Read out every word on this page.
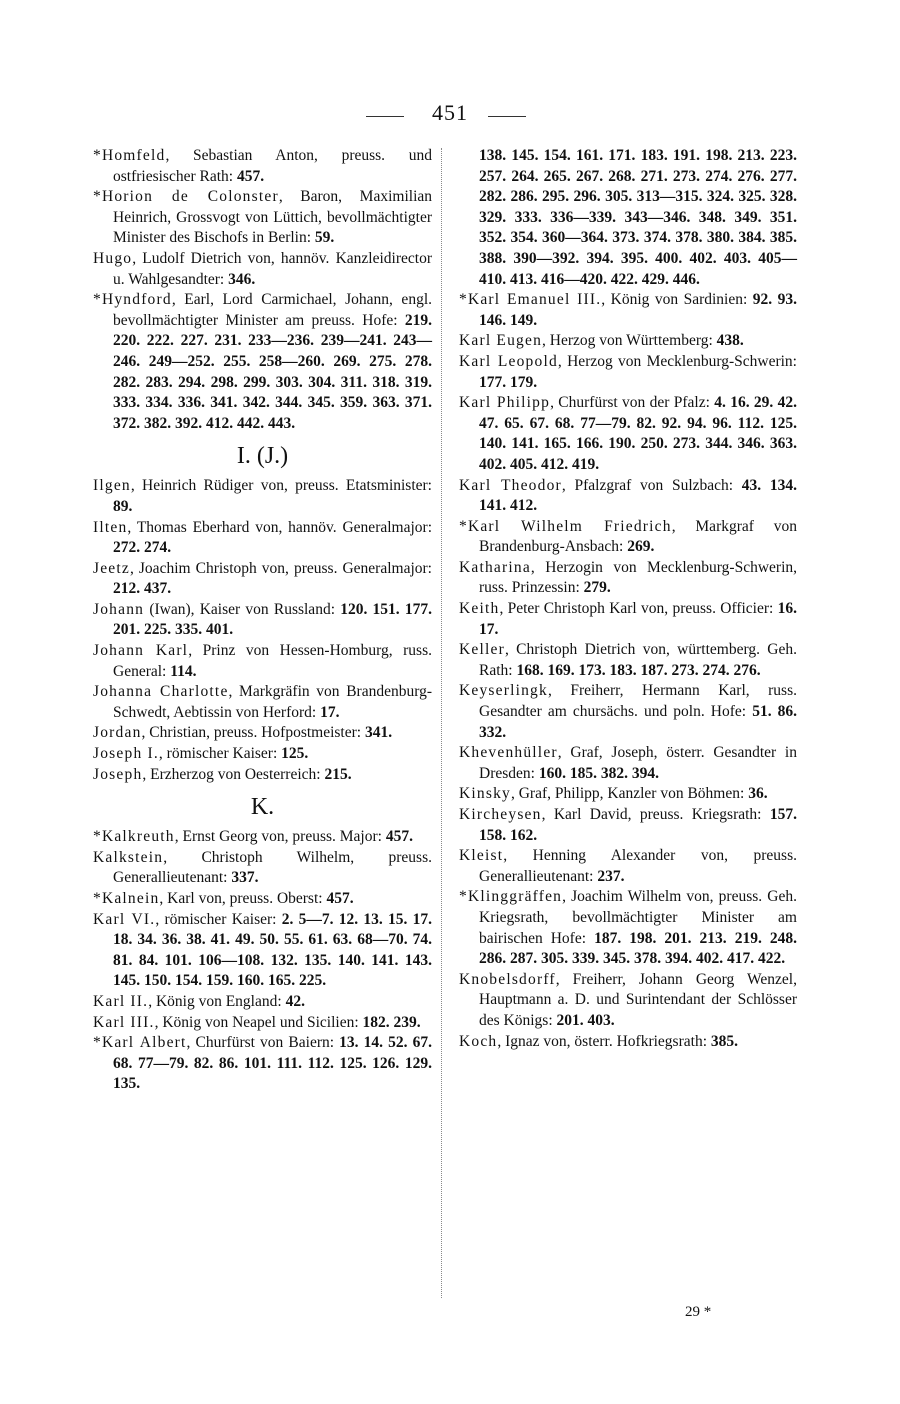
451

*Homfeld, Sebastian Anton, preuss. und ostfriesischer Rath: 457.

*Horion de Colonster, Baron, Maximilian Heinrich, Grossvogt von Lüttich, bevollmächtigter Minister des Bischofs in Berlin: 59.

Hugo, Ludolf Dietrich von, hannöv. Kanzleidirector u. Wahlgesandter: 346.

*Hyndford, Earl, Lord Carmichael, Johann, engl. bevollmächtigter Minister am preuss. Hofe: 219. 220. 222. 227. 231. 233—236. 239—241. 243—246. 249—252. 255. 258—260. 269. 275. 278. 282. 283. 294. 298. 299. 303. 304. 311. 318. 319. 333. 334. 336. 341. 342. 344. 345. 359. 363. 371. 372. 382. 392. 412. 442. 443.

I. (J.)

Ilgen, Heinrich Rüdiger von, preuss. Etatsminister: 89.

Ilten, Thomas Eberhard von, hannöv. Generalmajor: 272. 274.

Jeetz, Joachim Christoph von, preuss. Generalmajor: 212. 437.

Johann (Iwan), Kaiser von Russland: 120. 151. 177. 201. 225. 335. 401.

Johann Karl, Prinz von Hessen-Homburg, russ. General: 114.

Johanna Charlotte, Markgräfin von Brandenburg-Schwedt, Aebtissin von Herford: 17.

Jordan, Christian, preuss. Hofpostmeister: 341.

Joseph I., römischer Kaiser: 125.

Joseph, Erzherzog von Oesterreich: 215.

K.

*Kalkreuth, Ernst Georg von, preuss. Major: 457.

Kalkstein, Christoph Wilhelm, preuss. Generallieutenant: 337.

*Kalnein, Karl von, preuss. Oberst: 457.

Karl VI., römischer Kaiser: 2. 5—7. 12. 13. 15. 17. 18. 34. 36. 38. 41. 49. 50. 55. 61. 63. 68—70. 74. 81. 84. 101. 106—108. 132. 135. 140. 141. 143. 145. 150. 154. 159. 160. 165. 225.

Karl II., König von England: 42.

Karl III., König von Neapel und Sicilien: 182. 239.

*Karl Albert, Churfürst von Baiern: 13. 14. 52. 67. 68. 77—79. 82. 86. 101. 111. 112. 125. 126. 129. 135.

138. 145. 154. 161. 171. 183. 191. 198. 213. 223. 257. 264. 265. 267. 268. 271. 273. 274. 276. 277. 282. 286. 295. 296. 305. 313—315. 324. 325. 328. 329. 333. 336—339. 343—346. 348. 349. 351. 352. 354. 360—364. 373. 374. 378. 380. 384. 385. 388. 390—392. 394. 395. 400. 402. 403. 405—410. 413. 416—420. 422. 429. 446.

*Karl Emanuel III., König von Sardinien: 92. 93. 146. 149.

Karl Eugen, Herzog von Württemberg: 438.

Karl Leopold, Herzog von Mecklenburg-Schwerin: 177. 179.

Karl Philipp, Churfürst von der Pfalz: 4. 16. 29. 42. 47. 65. 67. 68. 77—79. 82. 92. 94. 96. 112. 125. 140. 141. 165. 166. 190. 250. 273. 344. 346. 363. 402. 405. 412. 419.

Karl Theodor, Pfalzgraf von Sulzbach: 43. 134. 141. 412.

*Karl Wilhelm Friedrich, Markgraf von Brandenburg-Ansbach: 269.

Katharina, Herzogin von Mecklenburg-Schwerin, russ. Prinzessin: 279.

Keith, Peter Christoph Karl von, preuss. Officier: 16. 17.

Keller, Christoph Dietrich von, württemberg. Geh. Rath: 168. 169. 173. 183. 187. 273. 274. 276.

Keyserlingk, Freiherr, Hermann Karl, russ. Gesandter am chursächs. und poln. Hofe: 51. 86. 332.

Khevenhüller, Graf, Joseph, österr. Gesandter in Dresden: 160. 185. 382. 394.

Kinsky, Graf, Philipp, Kanzler von Böhmen: 36.

Kircheysen, Karl David, preuss. Kriegsrath: 157. 158. 162.

Kleist, Henning Alexander von, preuss. Generallieutenant: 237.

*Klinggräffen, Joachim Wilhelm von, preuss. Geh. Kriegsrath, bevollmächtigter Minister am bairischen Hofe: 187. 198. 201. 213. 219. 248. 286. 287. 305. 339. 345. 378. 394. 402. 417. 422.

Knobelsdorff, Freiherr, Johann Georg Wenzel, Hauptmann a. D. und Surintendant der Schlösser des Königs: 201. 403.

Koch, Ignaz von, österr. Hofkriegsrath: 385.

29 *
